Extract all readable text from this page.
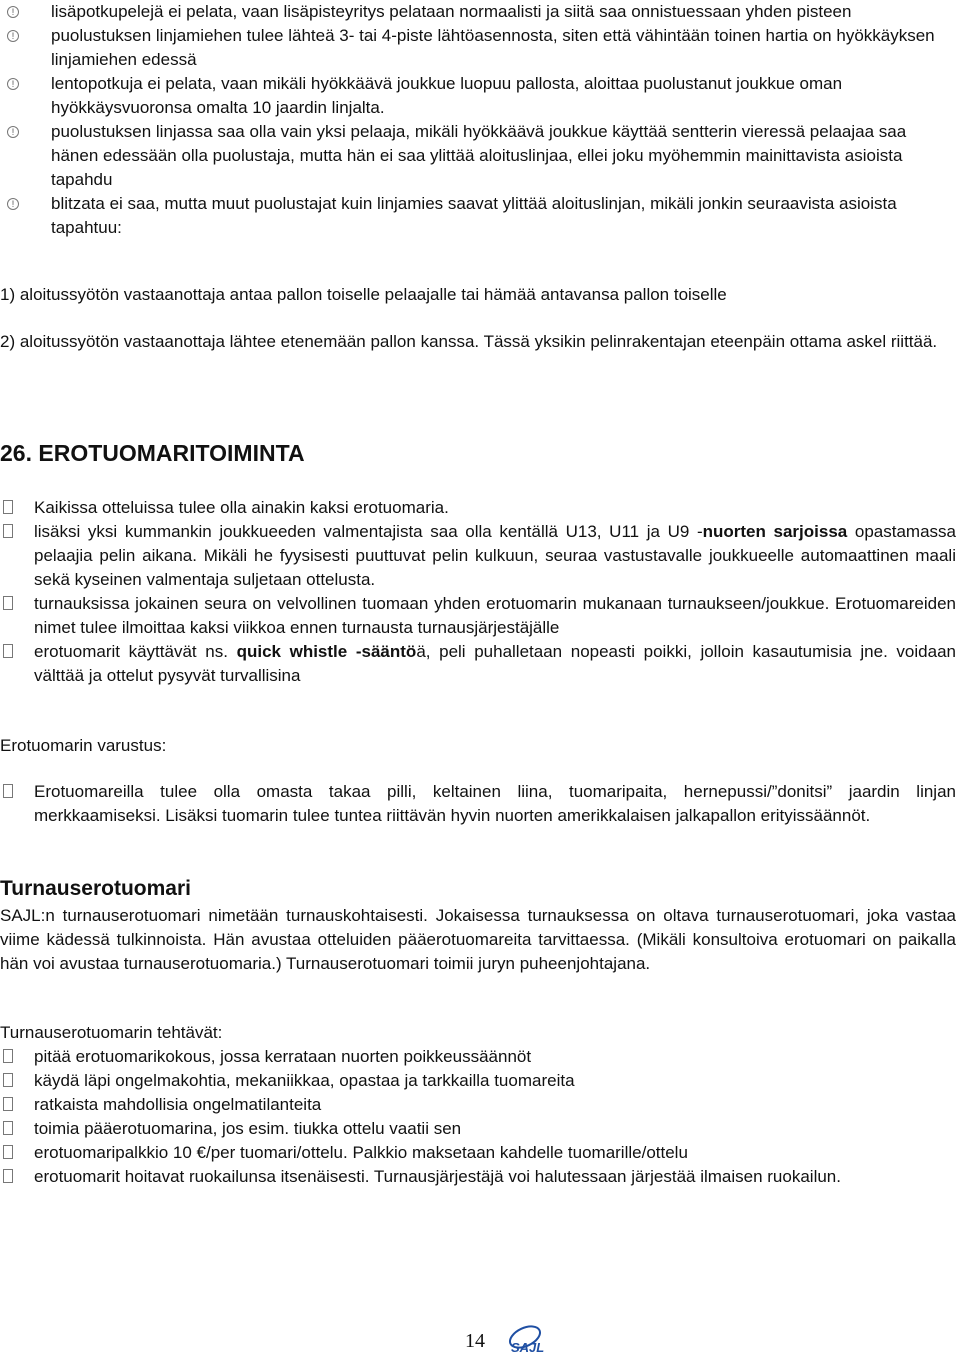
! lisäpotkupelejä ei pelata, vaan lisäpisteyritys pelataan normaalisti ja siitä saa onnistuessaan yhden pisteen
! puolustuksen linjamiehen tulee lähteä 3- tai 4-piste lähtöasennosta, siten että vähintään toinen hartia on hyökkäyksen linjamiehen edessä
! lentopotkuja ei pelata, vaan mikäli hyökkäävä joukkue luopuu pallosta, aloittaa puolustanut joukkue oman hyökkäysvuoronsa omalta 10 jaardin linjalta.
! puolustuksen linjassa saa olla vain yksi pelaaja, mikäli hyökkäävä joukkue käyttää sentterin vieressä pelaajaa saa hänen edessään olla puolustaja, mutta hän ei saa ylittää aloituslinjaa, ellei joku myöhemmin mainittavista asioista tapahdu
! blitzata ei saa, mutta muut puolustajat kuin linjamies saavat ylittää aloituslinjan, mikäli jonkin seuraavista asioista tapahtuu:
1) aloitussyötön vastaanottaja antaa pallon toiselle pelaajalle tai hämää antavansa pallon toiselle
2) aloitussyötön vastaanottaja lähtee etenemään pallon kanssa. Tässä yksikin pelinrakentajan eteenpäin ottama askel riittää.
26. EROTUOMARITOIMINTA
Kaikissa otteluissa tulee olla ainakin kaksi erotuomaria.
lisäksi yksi kummankin joukkueeden valmentajista saa olla kentällä U13, U11 ja U9 -nuorten sarjoissa opastamassa pelaajia pelin aikana. Mikäli he fyysisesti puuttuvat pelin kulkuun, seuraa vastustavalle joukkueelle automaattinen maali sekä kyseinen valmentaja suljetaan ottelusta.
turnauksissa jokainen seura on velvollinen tuomaan yhden erotuomarin mukanaan turnaukseen/joukkue. Erotuomareiden nimet tulee ilmoittaa kaksi viikkoa ennen turnausta turnausjärjestäjälle
erotuomarit käyttävät ns. quick whistle -sääntöä, peli puhalletaan nopeasti poikki, jolloin kasautumisia jne. voidaan välttää ja ottelut pysyvät turvallisina
Erotuomarin varustus:
Erotuomareilla tulee olla omasta takaa pilli, keltainen liina, tuomaripaita, hernepussi/”donitsi” jaardin linjan merkkaamiseksi. Lisäksi tuomarin tulee tuntea riittävän hyvin nuorten amerikkalaisen jalkapallon erityissäännöt.
Turnauserotuomari
SAJL:n turnauserotuomari nimetään turnauskohtaisesti. Jokaisessa turnauksessa on oltava turnauserotuomari, joka vastaa viime kädessä tulkinnoista. Hän avustaa otteluiden pääerotuomareita tarvittaessa. (Mikäli konsultoiva erotuomari on paikalla hän voi avustaa turnauserotuomaria.) Turnauserotuomari toimii juryn puheenjohtajana.
Turnauserotuomarin tehtävät:
pitää erotuomarikokous, jossa kerrataan nuorten poikkeussäännöt
käydä läpi ongelmakohtia, mekaniikkaa, opastaa ja tarkkailla tuomareita
ratkaista mahdollisia ongelmatilanteita
toimia pääerotuomarina, jos esim. tiukka ottelu vaatii sen
erotuomaripalkkio 10 €/per tuomari/ottelu. Palkkio maksetaan kahdelle tuomarille/ottelu
erotuomarit hoitavat ruokailunsa itsenäisesti. Turnausjärjestäjä voi halutessaan järjestää ilmaisen ruokailun.
14 SAJL
